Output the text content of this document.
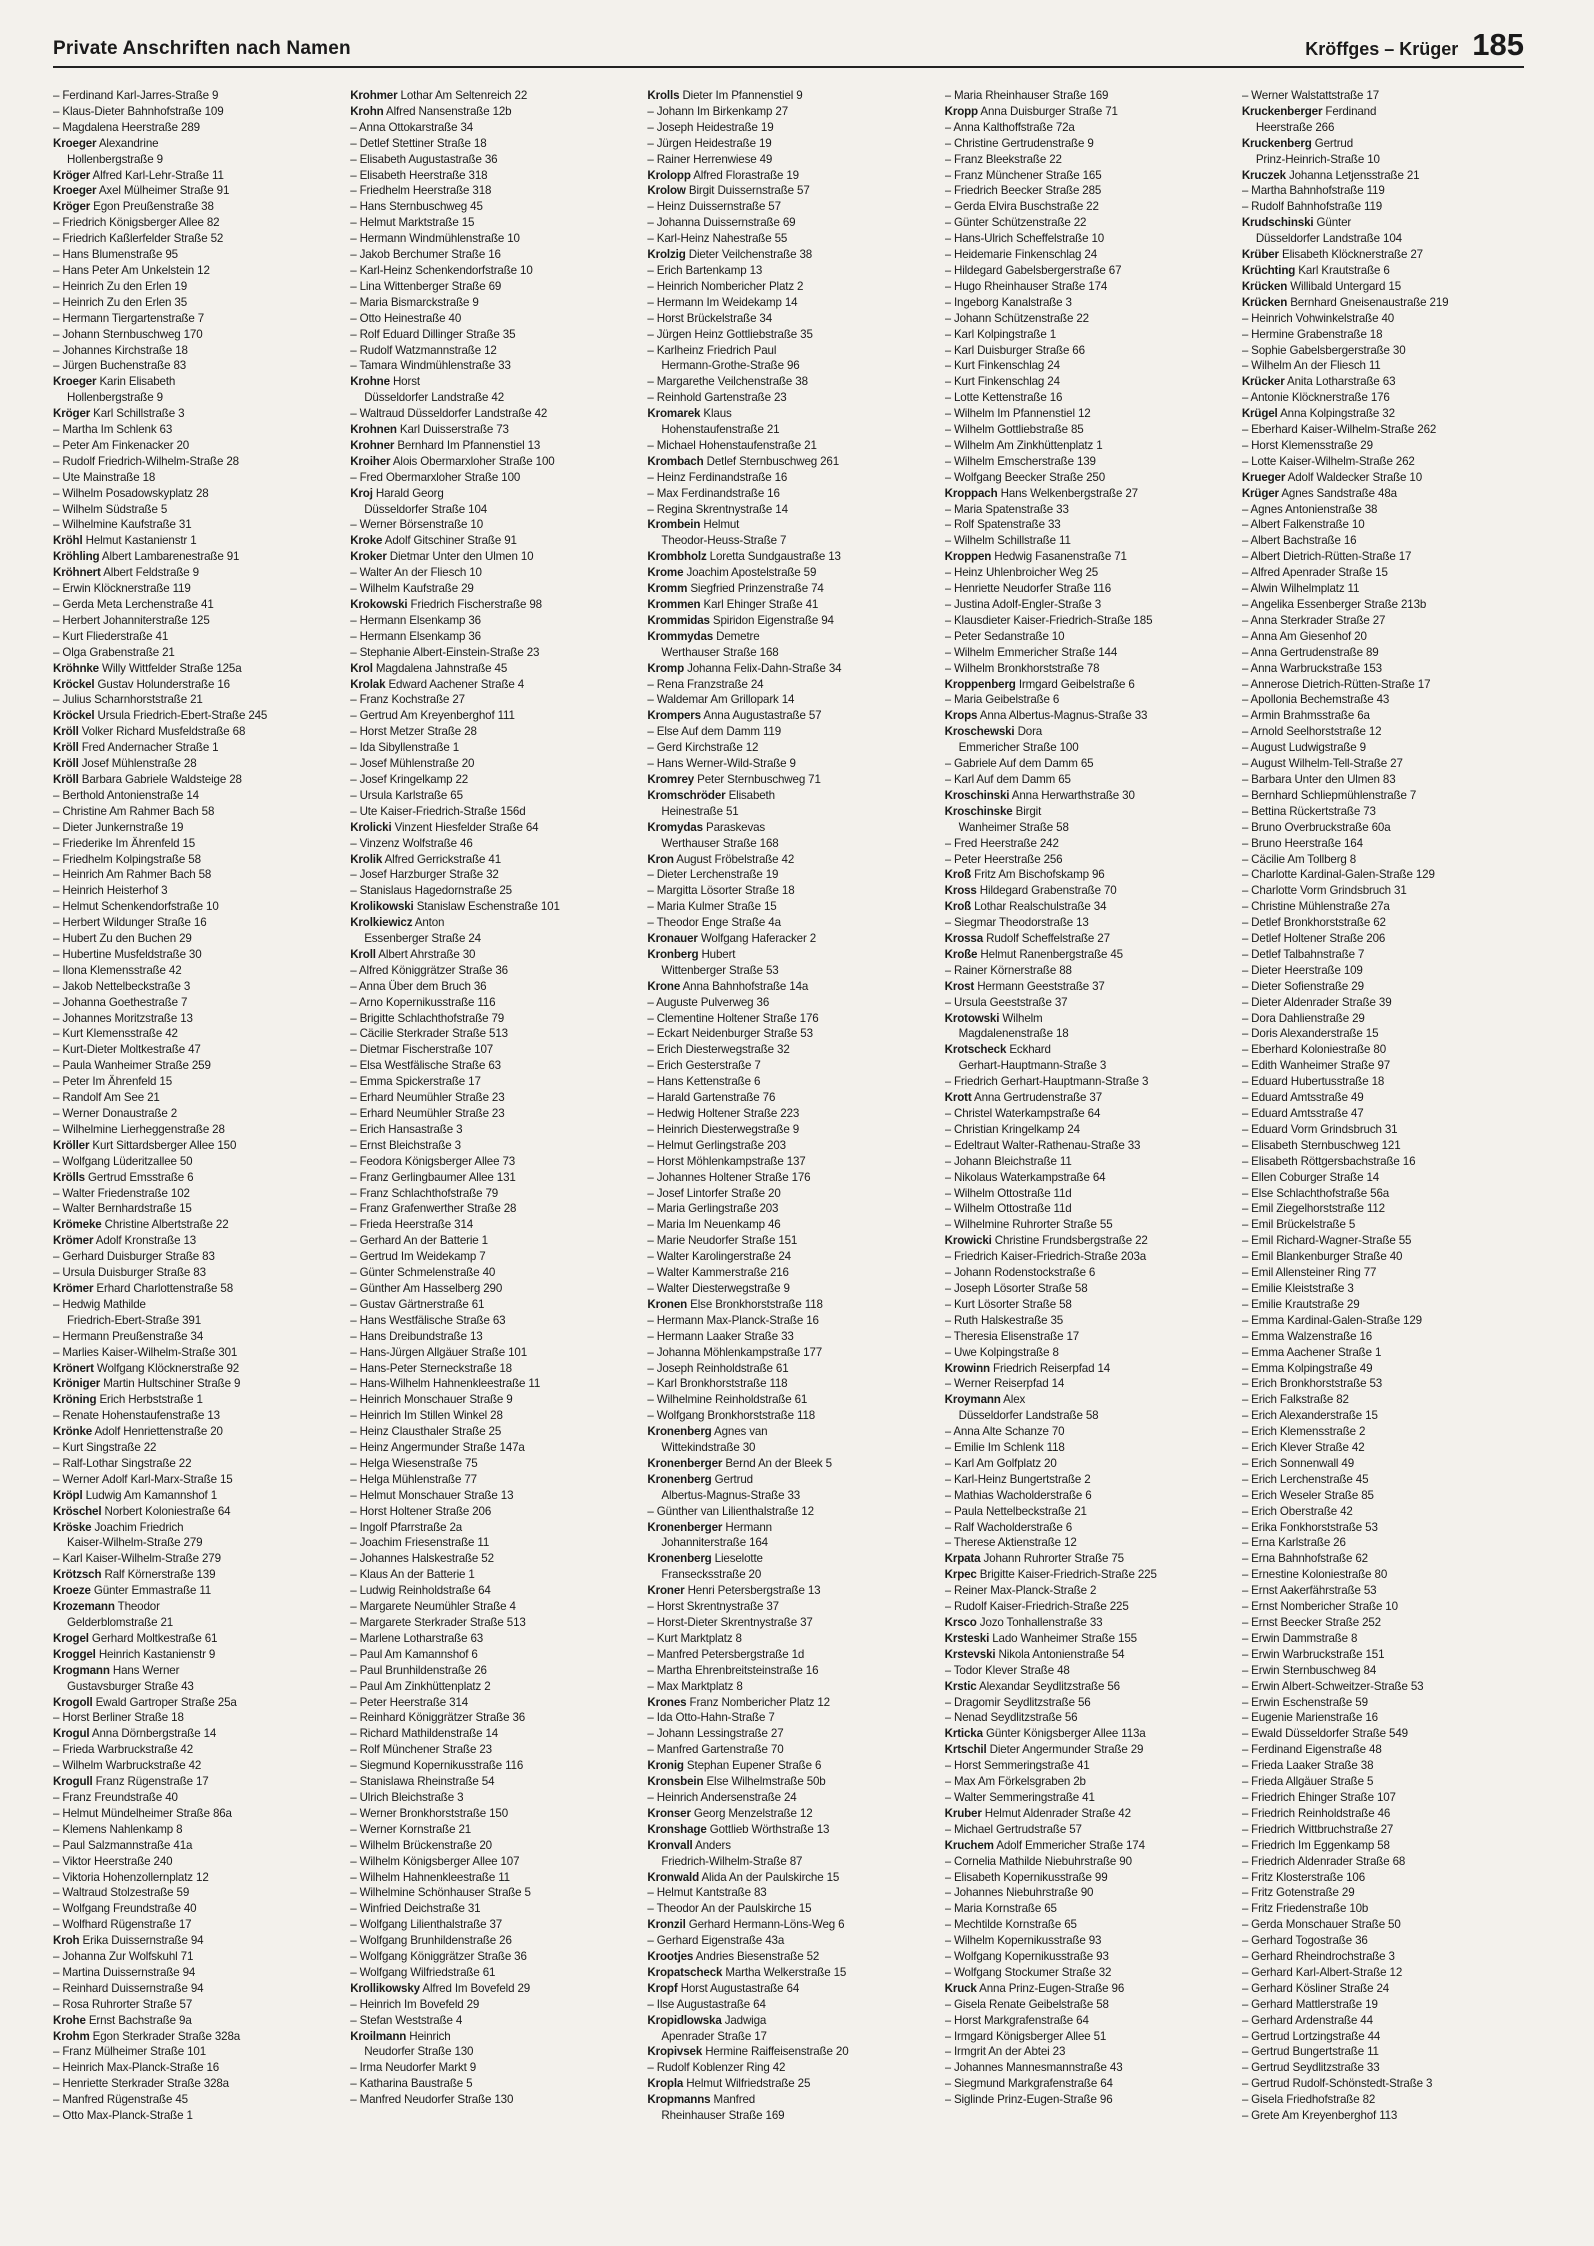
Private Anschriften nach Namen	Kröffges – Krüger 185
– Ferdinand Karl-Jarres-Straße 9
– Klaus-Dieter Bahnhofstraße 109
– Magdalena Heerstraße 289
Kroeger Alexandrine
Hollenbergstraße 9
Kröger Alfred Karl-Lehr-Straße 11
Kroeger Axel Mülheimer Straße 91
Kröger Egon Preußenstraße 38
– Friedrich Königsberger Allee 82
– Friedrich Kaßlerfelder Straße 52
– Hans Blumenstraße 95
– Hans Peter Am Unkelstein 12
– Heinrich Zu den Erlen 19
– Heinrich Zu den Erlen 35
– Hermann Tiergartenstraße 7
– Johann Sternbuschweg 170
– Johannes Kirchstraße 18
– Jürgen Buchenstraße 83
Kroeger Karin Elisabeth
Hollenbergstraße 9
Kröger Karl Schillstraße 3
– Martha Im Schlenk 63
– Peter Am Finkenacker 20
– Rudolf Friedrich-Wilhelm-Straße 28
– Ute Mainstraße 18
– Wilhelm Posadowskyplatz 28
– Wilhelm Südstraße 5
– Wilhelmine Kaufstraße 31
Kröhl Helmut Kastanienstr 1
Kröhling Albert Lambarenestraße 91
Kröhnert Albert Feldstraße 9
– Erwin Klöcknerstraße 119
– Gerda Meta Lerchenstraße 41
– Herbert Johanniterstraße 125
– Kurt Fliederstraße 41
– Olga Grabenstraße 21
Kröhnke Willy Wittfelder Straße 125a
Kröckel Gustav Holunderstraße 16
– Julius Scharnhorststraße 21
Kröckel Ursula Friedrich-Ebert-Straße 245
Kröll Volker Richard Musfeldstraße 68
Kröll Fred Andernacher Straße 1
Kröll Josef Mühlenstraße 28
Kröll Barbara Gabriele Waldsteige 28
– Berthold Antonienstraße 14
– Christine Am Rahmer Bach 58
– Dieter Junkernstraße 19
– Friederike Im Ährenfeld 15
– Friedhelm Kolpingstraße 58
– Heinrich Am Rahmer Bach 58
– Heinrich Heisterhof 3
– Helmut Schenkendorfstraße 10
– Herbert Wildunger Straße 16
– Hubert Zu den Buchen 29
– Hubertine Musfeldstraße 30
– Ilona Klemensstraße 42
– Jakob Nettelbeckstraße 3
– Johanna Goethestraße 7
– Johannes Moritzstraße 13
– Kurt Klemensstraße 42
– Kurt-Dieter Moltkestraße 47
– Paula Wanheimer Straße 259
– Peter Im Ährenfeld 15
– Randolf Am See 21
– Werner Donaustraße 2
– Wilhelmine Lierheggenstraße 28
Kröller Kurt Sittardsberger Allee 150
– Wolfgang Lüderitzallee 50
Krölls Gertrud Emsstraße 6
– Walter Friedenstraße 102
– Walter Bernhardstraße 15
Krömeke Christine Albertstraße 22
Krömer Adolf Kronstraße 13
– Gerhard Duisburger Straße 83
– Ursula Duisburger Straße 83
Krömer Erhard Charlottenstraße 58
– Hedwig Mathilde
Friedrich-Ebert-Straße 391
– Hermann Preußenstraße 34
– Marlies Kaiser-Wilhelm-Straße 301
Krönert Wolfgang Klöcknerstraße 92
Kröniger Martin Hultschiner Straße 9
Kröning Erich Herbststraße 1
– Renate Hohenstaufenstraße 13
Krönke Adolf Henriettenstraße 20
– Kurt Singstraße 22
– Ralf-Lothar Singstraße 22
– Werner Adolf Karl-Marx-Straße 15
Kröpl Ludwig Am Kamannshof 1
Kröschel Norbert Koloniestraße 64
Kröske Joachim Friedrich
Kaiser-Wilhelm-Straße 279
– Karl Kaiser-Wilhelm-Straße 279
Krötzsch Ralf Körnerstraße 139
Kroeze Günter Emmastraße 11
Krozemann Theodor
Gelderblomstraße 21
Krogel Gerhard Moltkestraße 61
Kroggel Heinrich Kastanienstr 9
Krogmann Hans Werner
Gustavsburger Straße 43
Krogoll Ewald Gartroper Straße 25a
– Horst Berliner Straße 18
Krogul Anna Dörnbergstraße 14
– Frieda Warbruckstraße 42
– Wilhelm Warbruckstraße 42
Krogull Franz Rügenstraße 17
– Franz Freundstraße 40
– Helmut Mündelheimer Straße 86a
– Klemens Nahlenkamp 8
– Paul Salzmannstraße 41a
– Viktor Heerstraße 240
– Viktoria Hohenzollernplatz 12
– Waltraud Stolzestraße 59
– Wolfgang Freundstraße 40
– Wolfhard Rügenstraße 17
Kroh Erika Duissernstraße 94
– Johanna Zur Wolfskuhl 71
– Martina Duissernstraße 94
– Reinhard Duissernstraße 94
– Rosa Ruhrorter Straße 57
Krohe Ernst Bachstraße 9a
Krohm Egon Sterkrader Straße 328a
– Franz Mülheimer Straße 101
– Heinrich Max-Planck-Straße 16
– Henriette Sterkrader Straße 328a
– Manfred Rügenstraße 45
– Otto Max-Planck-Straße 1
Krohmer Lothar Am Seltenreich 22
Krohn Alfred Nansenstraße 12b
– Anna Ottokarstraße 34
– Detlef Stettiner Straße 18
– Elisabeth Augustastraße 36
– Elisabeth Heerstraße 318
– Friedhelm Heerstraße 318
– Hans Sternbuschweg 45
– Helmut Marktstraße 15
– Hermann Windmühlenstraße 10
– Jakob Berchumer Straße 16
– Karl-Heinz Schenkendorfstraße 10
– Lina Wittenberger Straße 69
– Maria Bismarckstraße 9
– Otto Heinestraße 40
– Rolf Eduard Dillinger Straße 35
– Rudolf Watzmannstraße 12
– Tamara Windmühlenstraße 33
Krohne Horst
Düsseldorfer Landstraße 42
– Waltraud Düsseldorfer Landstraße 42
Krohnen Karl Duisserstraße 73
Krohner Bernhard Im Pfannenstiel 13
Kroiher Alois Obermarxloher Straße 100
– Fred Obermarxloher Straße 100
Kroj Harald Georg
Düsseldorfer Straße 104
– Werner Börsenstraße 10
Kroke Adolf Gitschiner Straße 91
Kroker Dietmar Unter den Ulmen 10
– Walter An der Fliesch 10
– Wilhelm Kaufstraße 29
Krokowski Friedrich Fischerstraße 98
– Hermann Elsenkamp 36
– Hermann Elsenkamp 36
– Stephanie Albert-Einstein-Straße 23
Krol Magdalena Jahnstraße 45
Krolak Edward Aachener Straße 4
– Franz Kochstraße 27
– Gertrud Am Kreyenberghof 111
– Horst Metzer Straße 28
– Ida Sibyllenstraße 1
– Josef Mühlenstraße 20
– Josef Kringelkamp 22
– Ursula Karlstraße 65
– Ute Kaiser-Friedrich-Straße 156d
Krolicki Vinzent Hiesfelder Straße 64
– Vinzenz Wolfstraße 46
Krolik Alfred Gerrickstraße 41
– Josef Harzburger Straße 32
– Stanislaus Hagedornstraße 25
Krolikowski Stanislaw Eschenstraße 101
Krolkiewicz Anton
Essenberger Straße 24
Kroll Albert Ahrstraße 30
– Alfred Königgrätzer Straße 36
– Anna Über dem Bruch 36
– Arno Kopernikusstraße 116
– Brigitte Schlachthofstraße 79
– Cäcilie Sterkrader Straße 513
– Dietmar Fischerstraße 107
– Elsa Westfälische Straße 63
– Emma Spickerstraße 17
– Erhard Neumühler Straße 23
– Erhard Neumühler Straße 23
– Erich Hansastraße 3
– Ernst Bleichstraße 3
– Feodora Königsberger Allee 73
– Franz Gerlingbaumer Allee 131
– Franz Schlachthofstraße 79
– Franz Grafenwerther Straße 28
– Frieda Heerstraße 314
– Gerhard An der Batterie 1
– Gertrud Im Weidekamp 7
– Günter Schmelenstraße 40
– Günther Am Hasselberg 290
– Gustav Gärtnerstraße 61
– Hans Westfälische Straße 63
– Hans Dreibundstraße 13
– Hans-Jürgen Allgäuer Straße 101
– Hans-Peter Sterneckstraße 18
– Hans-Wilhelm Hahnenkleestraße 11
– Heinrich Monschauer Straße 9
– Heinrich Im Stillen Winkel 28
– Heinz Clausthaler Straße 25
– Heinz Angermunder Straße 147a
– Helga Wiesenstraße 75
– Helga Mühlenstraße 77
– Helmut Monschauer Straße 13
– Horst Holtener Straße 206
– Ingolf Pfarrstraße 2a
– Joachim Friesenstraße 11
– Johannes Halskestraße 52
– Klaus An der Batterie 1
– Ludwig Reinholdstraße 64
– Margarete Neumühler Straße 4
– Margarete Sterkrader Straße 513
– Marlene Lotharstraße 63
– Paul Am Kamannshof 6
– Paul Brunhildenstraße 26
– Paul Am Zinkhüttenplatz 2
– Peter Heerstraße 314
– Reinhard Königgrätzer Straße 36
– Richard Mathildenstraße 14
– Rolf Münchener Straße 23
– Siegmund Kopernikusstraße 116
– Stanislawa Rheinstraße 54
– Ulrich Bleichstraße 3
– Werner Bronkhorststraße 150
– Werner Kornstraße 21
– Wilhelm Brückenstraße 20
– Wilhelm Königsberger Allee 107
– Wilhelm Hahnenkleestraße 11
– Wilhelmine Schönhauser Straße 5
– Winfried Deichstraße 31
– Wolfgang Lilienthalstraße 37
– Wolfgang Brunhildenstraße 26
– Wolfgang Königgrätzer Straße 36
– Wolfgang Wilfriedstraße 61
Krollikowsky Alfred Im Bovefeld 29
– Heinrich Im Bovefeld 29
– Stefan Weststraße 4
Kroilmann Heinrich
Neudorfer Straße 130
– Irma Neudorfer Markt 9
– Katharina Baustraße 5
– Manfred Neudorfer Straße 130
Krolls Dieter Im Pfannenstiel 9
– Johann Im Birkenkamp 27
– Joseph Heidestraße 19
– Jürgen Heidestraße 19
– Rainer Herrenwiese 49
Krolopp Alfred Florastraße 19
Krolow Birgit Duissernstraße 57
– Heinz Duissernstraße 57
– Johanna Duissernstraße 69
– Karl-Heinz Nahestraße 55
Krolzig Dieter Veilchenstraße 38
– Erich Bartenkamp 13
– Heinrich Nombericher Platz 2
– Hermann Im Weidekamp 14
– Horst Brückelstraße 34
– Jürgen Heinz Gottliebstraße 35
– Karlheinz Friedrich Paul
Hermann-Grothe-Straße 96
– Margarethe Veilchenstraße 38
– Reinhold Gartenstraße 23
Kromarek Klaus
Hohenstaufenstraße 21
– Michael Hohenstaufenstraße 21
Krombach Detlef Sternbuschweg 261
– Heinz Ferdinandstraße 16
– Max Ferdinandstraße 16
– Regina Skrentnystraße 14
Krombein Helmut
Theodor-Heuss-Straße 7
Krombholz Loretta Sundgaustraße 13
Krome Joachim Apostelstraße 59
Kromm Siegfried Prinzenstraße 74
Krommen Karl Ehinger Straße 41
Krommidas Spiridon Eigenstraße 94
Krommydas Demetre
Werthauser Straße 168
Kromp Johanna Felix-Dahn-Straße 34
– Rena Franzstraße 24
– Waldemar Am Grillopark 14
Krompers Anna Augustastraße 57
– Else Auf dem Damm 119
– Gerd Kirchstraße 12
– Hans Werner-Wild-Straße 9
Kromrey Peter Sternbuschweg 71
Kromschröder Elisabeth
Heinestraße 51
Kromydas Paraskevas
Werthauser Straße 168
Kron August Fröbelstraße 42
– Dieter Lerchenstraße 19
– Margitta Lösorter Straße 18
– Maria Kulmer Straße 15
– Theodor Enge Straße 4a
Kronauer Wolfgang Haferacker 2
Kronberg Hubert
Wittenberger Straße 53
Krone Anna Bahnhofstraße 14a
– Auguste Pulverweg 36
– Clementine Holtener Straße 176
– Eckart Neidenburger Straße 53
– Erich Diesterwegstraße 32
– Erich Gesterstraße 7
– Hans Kettenstraße 6
– Harald Gartenstraße 76
– Hedwig Holtener Straße 223
– Heinrich Diesterwegstraße 9
– Helmut Gerlingstraße 203
– Horst Möhlenkampstraße 137
– Johannes Holtener Straße 176
– Josef Lintorfer Straße 20
– Maria Gerlingstraße 203
– Maria Im Neuenkamp 46
– Marie Neudorfer Straße 151
– Walter Karolingerstraße 24
– Walter Kammerstraße 216
– Walter Diesterwegstraße 9
Kronen Else Bronkhorststraße 118
– Hermann Max-Planck-Straße 16
– Hermann Laaker Straße 33
– Johanna Möhlenkampstraße 177
– Joseph Reinholdstraße 61
– Karl Bronkhorststraße 118
– Wilhelmine Reinholdstraße 61
– Wolfgang Bronkhorststraße 118
Kronenberg Agnes van
Wittekindstraße 30
Kronenberger Bernd An der Bleek 5
Kronenberg Gertrud
Albertus-Magnus-Straße 33
– Günther van Lilienthalstraße 12
Kronenberger Hermann
Johanniterstraße 164
Kronenberg Lieselotte
Fransecksstraße 20
Kroner Henri Petersbergstraße 13
– Horst Skrentnystraße 37
– Horst-Dieter Skrentnystraße 37
– Kurt Marktplatz 8
– Manfred Petersbergstraße 1d
– Martha Ehrenbreitsteinstraße 16
– Max Marktplatz 8
Krones Franz Nombericher Platz 12
– Ida Otto-Hahn-Straße 7
– Johann Lessingstraße 27
– Manfred Gartenstraße 70
Kronig Stephan Eupener Straße 6
Kronsbein Else Wilhelmstraße 50b
– Heinrich Andersenstraße 24
Kronser Georg Menzelstraße 12
Kronshage Gottlieb Wörthstraße 13
Kronvall Anders
Friedrich-Wilhelm-Straße 87
Kronwald Alida An der Paulskirche 15
– Helmut Kantstraße 83
– Theodor An der Paulskirche 15
Kronzil Gerhard Hermann-Löns-Weg 6
– Gerhard Eigenstraße 43a
Krootjes Andries Biesenstraße 52
Kropatscheck Martha Welkerstraße 15
Kropf Horst Augustastraße 64
– Ilse Augustastraße 64
Kropidlowska Jadwiga
Apenrader Straße 17
Kropivsek Hermine Raiffeisenstraße 20
– Rudolf Koblenzer Ring 42
Kropla Helmut Wilfriedstraße 25
Kropmanns Manfred
Rheinhauser Straße 169
– Maria Rheinhauser Straße 169
Kropp Anna Duisburger Straße 71
– Anna Kalthoffstraße 72a
– Christine Gertrudenstraße 9
– Franz Bleekstraße 22
– Franz Münchener Straße 165
– Friedrich Beecker Straße 285
– Gerda Elvira Buschstraße 22
– Günter Schützenstraße 22
– Hans-Ulrich Scheffelstraße 10
– Heidemarie Finkenschlag 24
– Hildegard Gabelsbergerstraße 67
– Hugo Rheinhauser Straße 174
– Ingeborg Kanalstraße 3
– Johann Schützenstraße 22
– Karl Kolpingstraße 1
– Karl Duisburger Straße 66
– Kurt Finkenschlag 24
– Kurt Finkenschlag 24
– Lotte Kettenstraße 16
– Wilhelm Im Pfannenstiel 12
– Wilhelm Gottliebstraße 85
– Wilhelm Am Zinkhüttenplatz 1
– Wilhelm Emscherstraße 139
– Wolfgang Beecker Straße 250
Kroppach Hans Welkenbergstraße 27
– Maria Spatenstraße 33
– Rolf Spatenstraße 33
– Wilhelm Schillstraße 11
Kroppen Hedwig Fasanenstraße 71
– Heinz Uhlenbroicher Weg 25
– Henriette Neudorfer Straße 116
– Justina Adolf-Engler-Straße 3
– Klausdieter Kaiser-Friedrich-Straße 185
– Peter Sedanstraße 10
– Wilhelm Emmericher Straße 144
– Wilhelm Bronkhorststraße 78
Kroppenberg Irmgard Geibelstraße 6
– Maria Geibelstraße 6
Krops Anna Albertus-Magnus-Straße 33
Kroschewski Dora
Emmericher Straße 100
– Gabriele Auf dem Damm 65
– Karl Auf dem Damm 65
Kroschinski Anna Herwarthstraße 30
Kroschinske Birgit
Wanheimer Straße 58
– Fred Heerstraße 242
– Peter Heerstraße 256
Kroß Fritz Am Bischofskamp 96
Kross Hildegard Grabenstraße 70
Kroß Lothar Realschulstraße 34
– Siegmar Theodorstraße 13
Krossa Rudolf Scheffelstraße 27
Kroße Helmut Ranenbergstraße 45
– Rainer Körnerstraße 88
Krost Hermann Geeststraße 37
– Ursula Geeststraße 37
Krotowski Wilhelm
Magdalenenstraße 18
Krotscheck Eckhard
Gerhart-Hauptmann-Straße 3
– Friedrich Gerhart-Hauptmann-Straße 3
Krott Anna Gertrudenstraße 37
– Christel Waterkampstraße 64
– Christian Kringelkamp 24
– Edeltraut Walter-Rathenau-Straße 33
– Johann Bleichstraße 11
– Nikolaus Waterkampstraße 64
– Wilhelm Ottostraße 11d
– Wilhelm Ottostraße 11d
– Wilhelmine Ruhrorter Straße 55
Krowicki Christine Frundsbergstraße 22
– Friedrich Kaiser-Friedrich-Straße 203a
– Johann Rodenstockstraße 6
– Joseph Lösorter Straße 58
– Kurt Lösorter Straße 58
– Ruth Halskestraße 35
– Theresia Elisenstraße 17
– Uwe Kolpingstraße 8
Krowinn Friedrich Reiserpfad 14
– Werner Reiserpfad 14
Kroymann Alex
Düsseldorfer Landstraße 58
– Anna Alte Schanze 70
– Emilie Im Schlenk 118
– Karl Am Golfplatz 20
– Karl-Heinz Bungertstraße 2
– Mathias Wacholderstraße 6
– Paula Nettelbeckstraße 21
– Ralf Wacholderstraße 6
– Therese Aktienstraße 12
Krpata Johann Ruhrorter Straße 75
Krpec Brigitte Kaiser-Friedrich-Straße 225
– Reiner Max-Planck-Straße 2
– Rudolf Kaiser-Friedrich-Straße 225
Krsco Jozo Tonhallenstraße 33
Krsteski Lado Wanheimer Straße 155
Krstevski Nikola Antonienstraße 54
– Todor Klever Straße 48
Krstic Alexandar Seydlitzstraße 56
– Dragomir Seydlitzstraße 56
– Nenad Seydlitzstraße 56
Krticka Günter Königsberger Allee 113a
Krtschil Dieter Angermunder Straße 29
– Horst Semmeringstraße 41
– Max Am Förkelsgraben 2b
– Walter Semmeringstraße 41
Kruber Helmut Aldenrader Straße 42
– Michael Gertrudstraße 57
Kruchem Adolf Emmericher Straße 174
– Cornelia Mathilde Niebuhrstraße 90
– Elisabeth Kopernikusstraße 99
– Johannes Niebuhrstraße 90
– Maria Kornstraße 65
– Mechtilde Kornstraße 65
– Wilhelm Kopernikusstraße 93
– Wolfgang Kopernikusstraße 93
– Wolfgang Stockumer Straße 32
Kruck Anna Prinz-Eugen-Straße 96
– Gisela Renate Geibelstraße 58
– Horst Markgrafenstraße 64
– Irmgard Königsberger Allee 51
– Irmgrit An der Abtei 23
– Johannes Mannesmannstraße 43
– Siegmund Markgrafenstraße 64
– Siglinde Prinz-Eugen-Straße 96
– Werner Walstattstraße 17
Kruckenberger Ferdinand
Heerstraße 266
Kruckenberg Gertrud
Prinz-Heinrich-Straße 10
Kruczek Johanna Letjensstraße 21
– Martha Bahnhofstraße 119
– Rudolf Bahnhofstraße 119
Krudschinski Günter
Düsseldorfer Landstraße 104
Krüber Elisabeth Klöcknerstraße 27
Krüchting Karl Krautstraße 6
Krücken Willibald Untergard 15
Krücken Bernhard Gneisenaustraße 219
– Heinrich Vohwinkelstraße 40
– Hermine Grabenstraße 18
– Sophie Gabelsbergerstraße 30
– Wilhelm An der Fliesch 11
Krücker Anita Lotharstraße 63
– Antonie Klöcknerstraße 176
Krügel Anna Kolpingstraße 32
– Eberhard Kaiser-Wilhelm-Straße 262
– Horst Klemensstraße 29
– Lotte Kaiser-Wilhelm-Straße 262
Krueger Adolf Waldecker Straße 10
Krüger Agnes Sandstraße 48a
– Agnes Antonienstraße 38
– Albert Falkenstraße 10
– Albert Bachstraße 16
– Albert Dietrich-Rütten-Straße 17
– Alfred Apenrader Straße 15
– Alwin Wilhelmplatz 11
– Angelika Essenberger Straße 213b
– Anna Sterkrader Straße 27
– Anna Am Giesenhof 20
– Anna Gertrudenstraße 89
– Anna Warbruckstraße 153
– Annerose Dietrich-Rütten-Straße 17
– Apollonia Bechemstraße 43
– Armin Brahmsstraße 6a
– Arnold Seelhorststraße 12
– August Ludwigstraße 9
– August Wilhelm-Tell-Straße 27
– Barbara Unter den Ulmen 83
– Bernhard Schliepmühlenstraße 7
– Bettina Rückertstraße 73
– Bruno Overbruckstraße 60a
– Bruno Heerstraße 164
– Cäcilie Am Tollberg 8
– Charlotte Kardinal-Galen-Straße 129
– Charlotte Vorm Grindsbruch 31
– Christine Mühlenstraße 27a
– Detlef Bronkhorststraße 62
– Detlef Holtener Straße 206
– Detlef Talbahnstraße 7
– Dieter Heerstraße 109
– Dieter Sofienstraße 29
– Dieter Aldenrader Straße 39
– Dora Dahlienstraße 29
– Doris Alexanderstraße 15
– Eberhard Koloniestraße 80
– Edith Wanheimer Straße 97
– Eduard Hubertusstraße 18
– Eduard Amtsstraße 49
– Eduard Amtsstraße 47
– Eduard Vorm Grindsbruch 31
– Elisabeth Sternbuschweg 121
– Elisabeth Röttgersbachstraße 16
– Ellen Coburger Straße 14
– Else Schlachthofstraße 56a
– Emil Ziegelhorststraße 112
– Emil Brückelstraße 5
– Emil Richard-Wagner-Straße 55
– Emil Blankenburger Straße 40
– Emil Allensteiner Ring 77
– Emilie Kleiststraße 3
– Emilie Krautstraße 29
– Emma Kardinal-Galen-Straße 129
– Emma Walzenstraße 16
– Emma Aachener Straße 1
– Emma Kolpingstraße 49
– Erich Bronkhorststraße 53
– Erich Falkstraße 82
– Erich Alexanderstraße 15
– Erich Klemensstraße 2
– Erich Klever Straße 42
– Erich Sonnenwall 49
– Erich Lerchenstraße 45
– Erich Weseler Straße 85
– Erich Oberstraße 42
– Erika Fonkhorststraße 53
– Erna Karlstraße 26
– Erna Bahnhofstraße 62
– Ernestine Koloniestraße 80
– Ernst Aakerfährstraße 53
– Ernst Nombericher Straße 10
– Ernst Beecker Straße 252
– Erwin Dammstraße 8
– Erwin Warbruckstraße 151
– Erwin Sternbuschweg 84
– Erwin Albert-Schweitzer-Straße 53
– Erwin Eschenstraße 59
– Eugenie Marienstraße 16
– Ewald Düsseldorfer Straße 549
– Ferdinand Eigenstraße 48
– Frieda Laaker Straße 38
– Frieda Allgäuer Straße 5
– Friedrich Ehinger Straße 107
– Friedrich Reinholdstraße 46
– Friedrich Wittbruchstraße 27
– Friedrich Im Eggenkamp 58
– Friedrich Aldenrader Straße 68
– Fritz Klosterstraße 106
– Fritz Gotenstraße 29
– Fritz Friedenstraße 10b
– Gerda Monschauer Straße 50
– Gerhard Togostraße 36
– Gerhard Rheindrochstraße 3
– Gerhard Karl-Albert-Straße 12
– Gerhard Kösliner Straße 24
– Gerhard Mattlerstraße 19
– Gerhard Ardenstraße 44
– Gertrud Lortzingstraße 44
– Gertrud Bungertstraße 11
– Gertrud Seydlitzstraße 33
– Gertrud Rudolf-Schönstedt-Straße 3
– Gisela Friedhofstraße 82
– Grete Am Kreyenberghof 113
